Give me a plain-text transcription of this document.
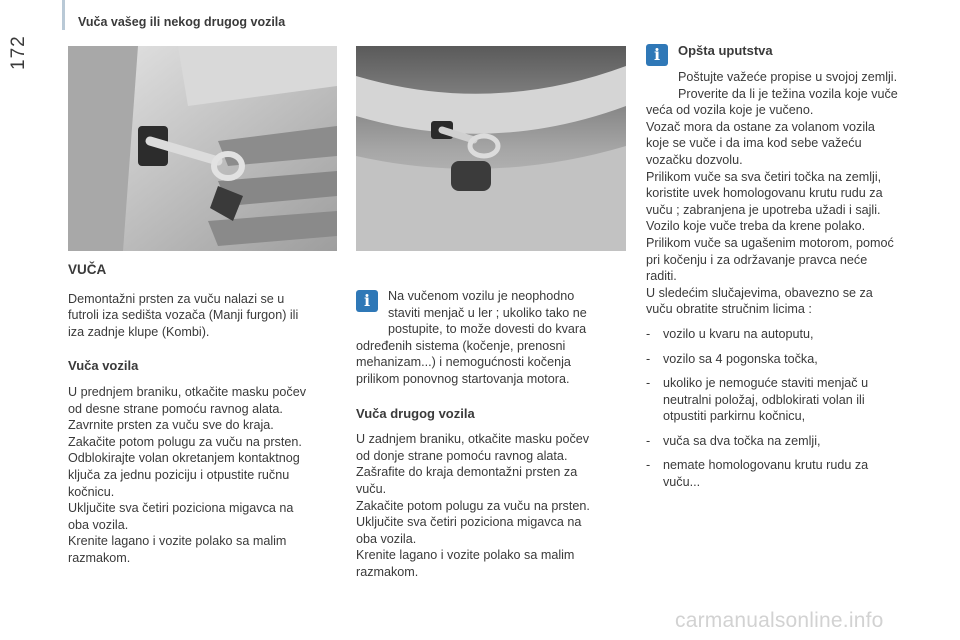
Vuča vašeg ili nekog drugog vozila
172
VUČA

Demontažni prsten za vuču nalazi se u
futroli iza sedišta vozača (Manji furgon) ili
iza zadnje klupe (Kombi).

Vuča vozila

U prednjem braniku, otkačite masku počev
od desne strane pomoću ravnog alata.
Zavrnite prsten za vuču sve do kraja.
Zakačite potom polugu za vuču na prsten.
Odblokirajte volan okretanjem kontaktnog
ključa za jednu poziciju i otpustite ručnu
kočnicu.
Uključite sva četiri poziciona migavca na
oba vozila.
Krenite lagano i vozite polako sa malim
razmakom.

i	Na vučenom vozilu je neophodno
staviti menjač u ler ; ukoliko tako ne
postupite, to može dovesti do kvara
određenih sistema (kočenje, prenosni
mehanizam...) i nemogućnosti kočenja
prilikom ponovnog startovanja motora.
Vuča drugog vozila

U zadnjem braniku, otkačite masku počev
od donje strane pomoću ravnog alata.
Zašrafite do kraja demontažni prsten za
vuču.
Zakačite potom polugu za vuču na prsten.
Uključite sva četiri poziciona migavca na
oba vozila.
Krenite lagano i vozite polako sa malim
razmakom.

i	Opšta uputstva
Poštujte važeće propise u svojoj zemlji.
Proverite da li je težina vozila koje vuče
veća od vozila koje je vučeno.
Vozač mora da ostane za volanom vozila
koje se vuče i da ima kod sebe važeću
vozačku dozvolu.
Prilikom vuče sa sva četiri točka na zemlji,
koristite uvek homologovanu krutu rudu za
vuču ; zabranjena je upotreba užadi i sajli.
Vozilo koje vuče treba da krene polako.
Prilikom vuče sa ugašenim motorom, pomoć
pri kočenju i za održavanje pravca neće
raditi.
U sledećim slučajevima, obavezno se za
vuču obratite stručnim licima :
- vozilo u kvaru na autoputu,
- vozilo sa 4 pogonska točka,
- ukoliko je nemoguće staviti menjač u
neutralni položaj, odblokirati volan ili
otpustiti parkirnu kočnicu,
- vuča sa dva točka na zemlji,
- nemate homologovanu krutu rudu za
vuču...
carmanualsonline.info
